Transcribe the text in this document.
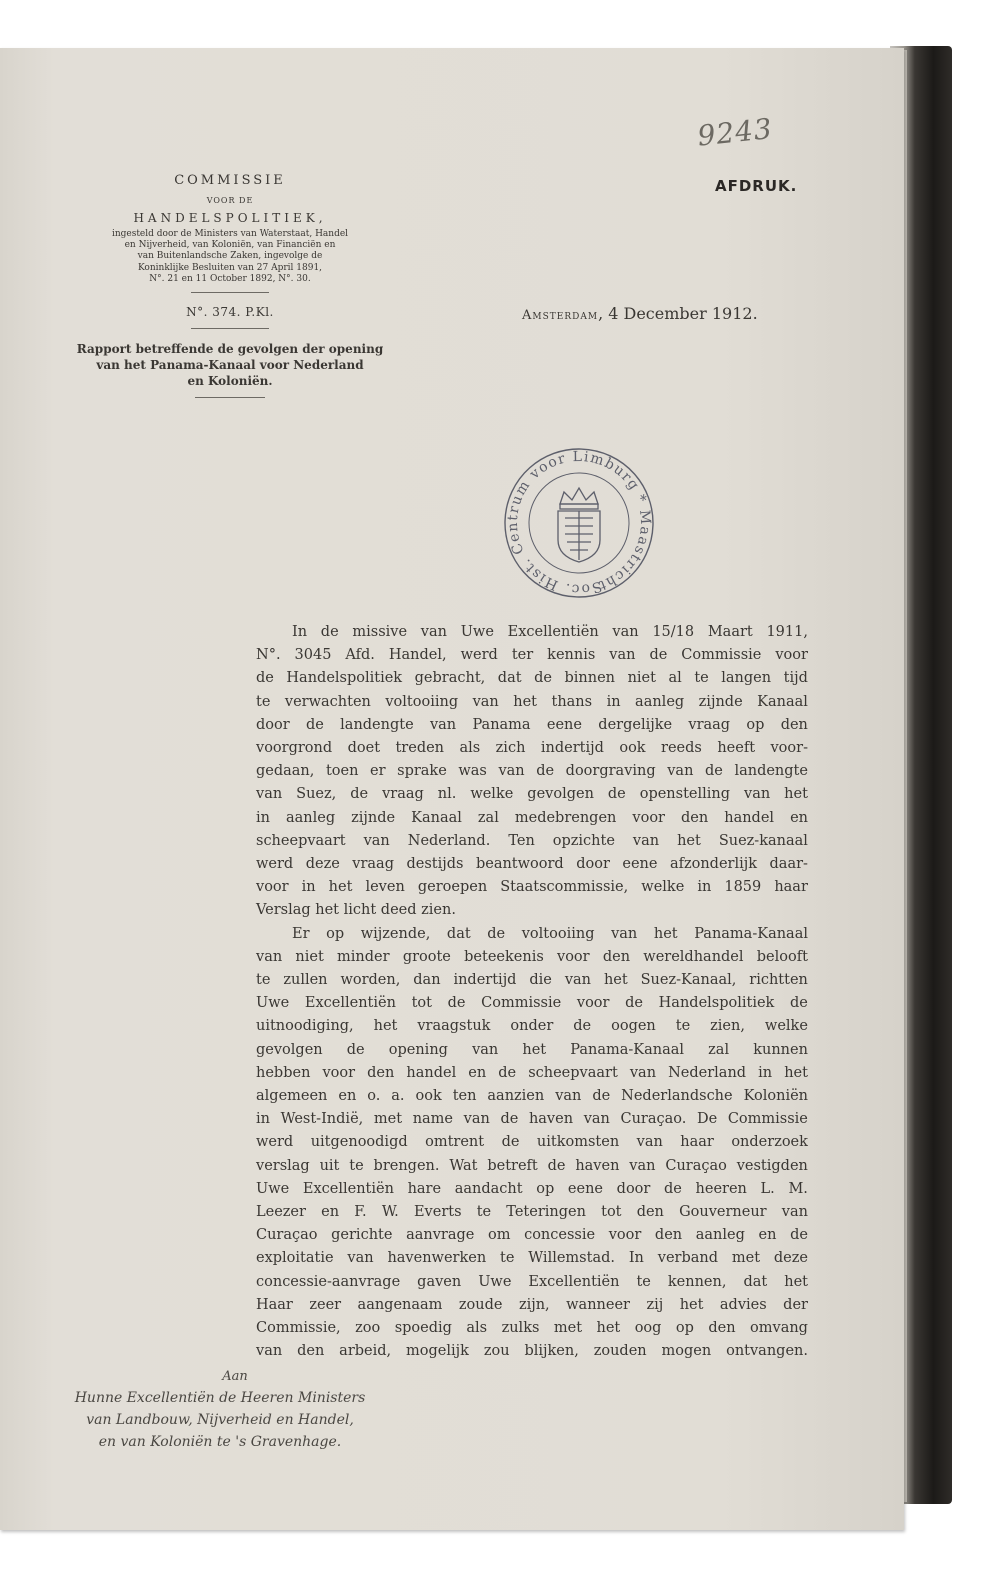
9243
AFDRUK.
COMMISSIE
VOOR DE
HANDELSPOLITIEK,
ingesteld door de Ministers van Waterstaat, Handel
en Nijverheid, van Koloniën, van Financiën en
van Buitenlandsche Zaken, ingevolge de
Koninklijke Besluiten van 27 April 1891,
N°. 21 en 11 October 1892, N°. 30.
N°. 374. P.Kl.
Rapport betreffende de gevolgen der opening
van het Panama-Kanaal voor Nederland
en Koloniën.
Amsterdam, 4 December 1912.
Soc. Hist. Centrum voor Limburg * Maastricht
In de missive van Uwe Excellentiën van 15/18 Maart 1911,
N°. 3045 Afd. Handel, werd ter kennis van de Commissie voor
de Handelspolitiek gebracht, dat de binnen niet al te langen tijd
te verwachten voltooiing van het thans in aanleg zijnde Kanaal
door de landengte van Panama eene dergelijke vraag op den
voorgrond doet treden als zich indertijd ook reeds heeft voor-
gedaan, toen er sprake was van de doorgraving van de landengte
van Suez, de vraag nl. welke gevolgen de openstelling van het
in aanleg zijnde Kanaal zal medebrengen voor den handel en
scheepvaart van Nederland. Ten opzichte van het Suez-kanaal
werd deze vraag destijds beantwoord door eene afzonderlijk daar-
voor in het leven geroepen Staatscommissie, welke in 1859 haar
Verslag het licht deed zien.
Er op wijzende, dat de voltooiing van het Panama-Kanaal
van niet minder groote beteekenis voor den wereldhandel belooft
te zullen worden, dan indertijd die van het Suez-Kanaal, richtten
Uwe Excellentiën tot de Commissie voor de Handelspolitiek de
uitnoodiging, het vraagstuk onder de oogen te zien, welke
gevolgen de opening van het Panama-Kanaal zal kunnen
hebben voor den handel en de scheepvaart van Nederland in het
algemeen en o. a. ook ten aanzien van de Nederlandsche Koloniën
in West-Indië, met name van de haven van Curaçao. De Commissie
werd uitgenoodigd omtrent de uitkomsten van haar onderzoek
verslag uit te brengen. Wat betreft de haven van Curaçao vestigden
Uwe Excellentiën hare aandacht op eene door de heeren L. M.
Leezer en F. W. Everts te Teteringen tot den Gouverneur van
Curaçao gerichte aanvrage om concessie voor den aanleg en de
exploitatie van havenwerken te Willemstad. In verband met deze
concessie-aanvrage gaven Uwe Excellentiën te kennen, dat het
Haar zeer aangenaam zoude zijn, wanneer zij het advies der
Commissie, zoo spoedig als zulks met het oog op den omvang
van den arbeid, mogelijk zou blijken, zouden mogen ontvangen.
Aan
Hunne Excellentiën de Heeren Ministers
van Landbouw, Nijverheid en Handel,
en van Koloniën te 's Gravenhage.
